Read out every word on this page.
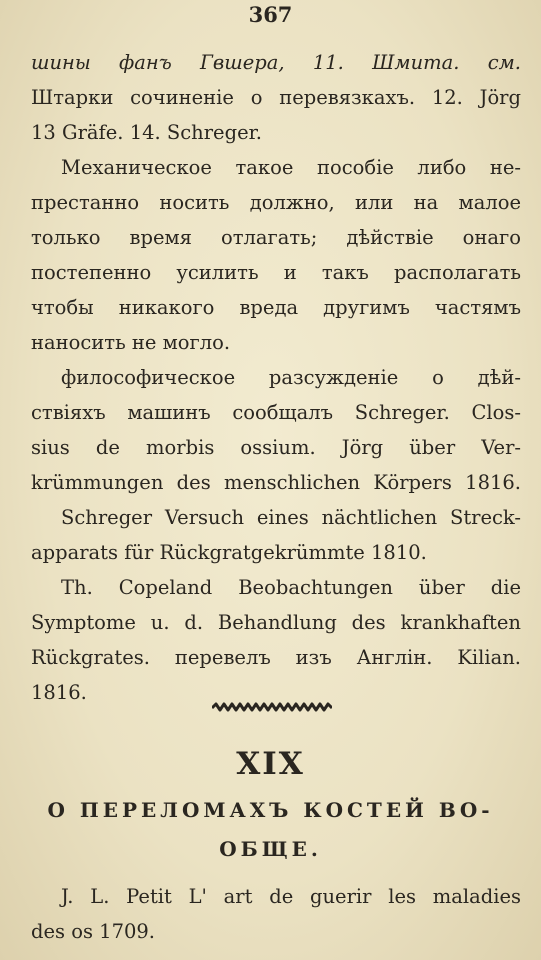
367
шины фанъ Гвшера, 11. Шмита. см.
Штарки сочиненіе о перевязкахъ. 12. Jörg
13 Gräfe. 14. Schreger.
Механическое такое пособіе либо не-
престанно носить должно, или на малое
только время отлагать; дѣйствіе онаго
постепенно усилить и такъ располагать
чтобы никакого вреда другимъ частямъ
наносить не могло.
философическое разсужденіе о дѣй-
ствіяхъ машинъ сообщалъ Schreger. Clos-
sius de morbis ossium. Jörg über Ver-
krümmungen des menschlichen Körpers 1816.
Schreger Versuch eines nächtlichen Streck-
apparats für Rückgratgekrümmte 1810.
Th. Copeland Beobachtungen über die
Symptome u. d. Behandlung des krankhaften
Rückgrates. перевелъ изъ Англін. Kilian.
1816.
XIX
О ПЕРЕЛОМАХЪ КОСТЕЙ ВО-
ОБЩЕ.
J. L. Petit L' art de guerir les maladies
des os 1709.
